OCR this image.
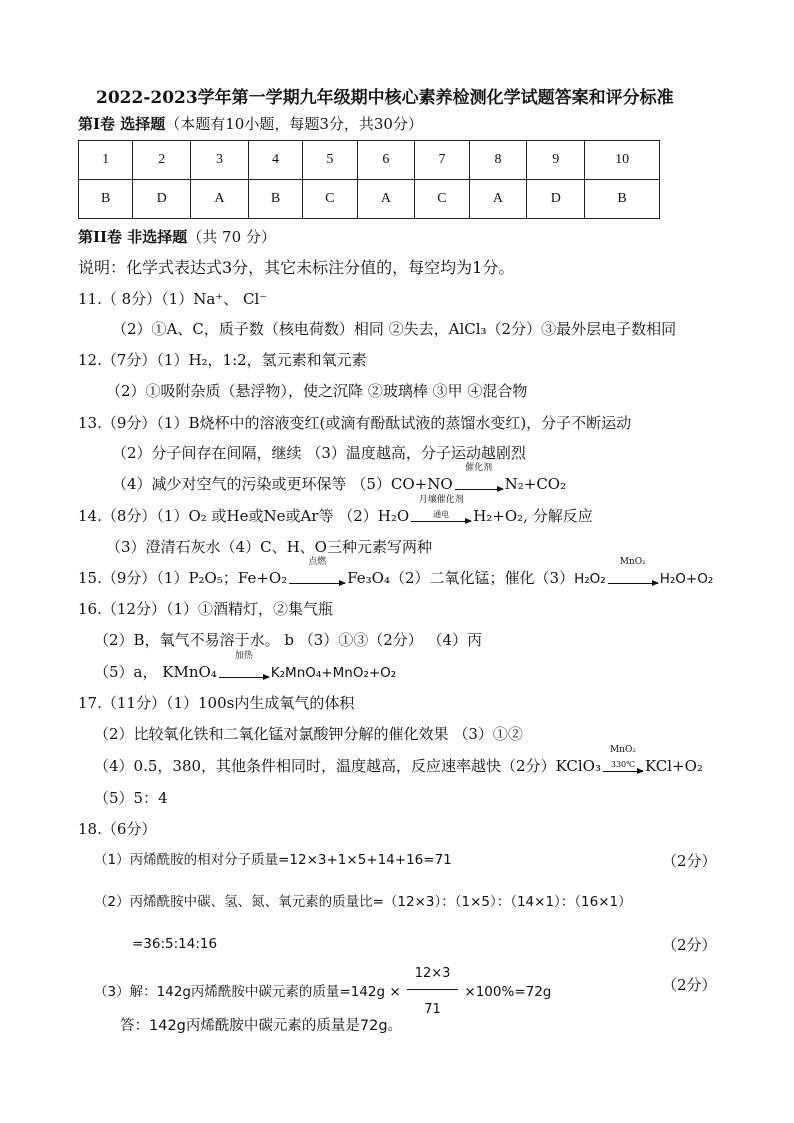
2022-2023学年第一学期九年级期中核心素养检测化学试题答案和评分标准
第Ⅰ卷 选择题（本题有10小题，每题3分，共30分）
1	2	3	4	5	6	7	8	9	10
B	D	A	B	C	A	C	A	D	B
第II卷 非选择题（共 70 分）
说明：化学式表达式3分，其它未标注分值的，每空均为1分。
11.（ 8分）（1）Na⁺、 Cl⁻
（2）①A、C，质子数（核电荷数）相同 ②失去，AlCl₃（2分）③最外层电子数相同
12.（7分）（1）H₂，1:2，氢元素和氧元素
（2）①吸附杂质（悬浮物），使之沉降 ②玻璃棒 ③甲 ④混合物
13.（9分）（1）B烧杯中的溶液变红(或滴有酚酞试液的蒸馏水变红)，分子不断运动
（2）分子间存在间隔，继续 （3）温度越高，分子运动越剧烈
（4）减少对空气的污染或更环保等 （5）CO+NO
催化剂
N₂+CO₂
14.（8分）（1）O₂ 或He或Ne或Ar等 （2）H₂O
月壤催化剂
通电	H₂+O₂, 分解反应
（3）澄清石灰水（4）C、H、O三种元素写两种
15.（9分）（1）P₂O₅；Fe+O₂
点燃
Fe₃O₄（2）二氧化锰；催化（3）H₂O₂
MnO₂
H₂O+O₂
16.（12分）（1）①酒精灯，②集气瓶
（2）B，氧气不易溶于水。 b （3）①③（2分） （4）丙
（5）a， KMnO₄
加热
K₂MnO₄+MnO₂+O₂
17.（11分）（1）100s内生成氧气的体积
（2）比较氧化铁和二氧化锰对氯酸钾分解的催化效果 （3）①②
（4）0.5，380，其他条件相同时，温度越高，反应速率越快（2分）KClO₃
MnO₂
330℃ KCl+O₂
（5）5：4
18.（6分）
（1）丙烯酰胺的相对分子质量=12×3+1×5+14+16=71	（2分）
（2）丙烯酰胺中碳、氢、氮、氧元素的质量比=（12×3）：（1×5）：（14×1）：（16×1）
=36:5:14:16	（2分）
（3）解：142g丙烯酰胺中碳元素的质量$=142g \times \frac{12\times 3}{71} \times 100\%=72g$	（2分）
答：142g丙烯酰胺中碳元素的质量是72g。
